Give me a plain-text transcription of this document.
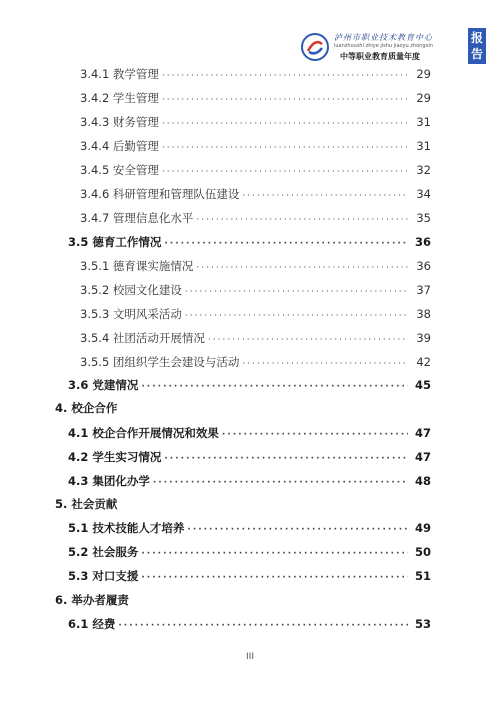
泸州市职业技术教育中心
luanzhoushi zhiye jishu jiaoyu zhongxin
中等职业教育质量年度
报告
3.4.1 教学管理 ·····	29
3.4.2 学生管理 ·····	29
3.4.3 财务管理 ·····	31
3.4.4 后勤管理 ·····	31
3.4.5 安全管理 ·····	32
3.4.6 科研管理和管理队伍建设 ·····	34
3.4.7 管理信息化水平 ·····	35
3.5 德育工作情况 ·····	36
3.5.1 德育课实施情况 ·····	36
3.5.2 校园文化建设 ·····	37
3.5.3 文明风采活动 ·····	38
3.5.4 社团活动开展情况 ·····	39
3.5.5 团组织学生会建设与活动 ·····	42
3.6 党建情况 ·····	45
4. 校企合作
4.1 校企合作开展情况和效果 ·····	47
4.2 学生实习情况 ·····	47
4.3 集团化办学 ·····	48
5. 社会贡献
5.1 技术技能人才培养 ·····	49
5.2 社会服务 ·····	50
5.3 对口支援 ·····	51
6. 举办者履责
6.1 经费 ·····	53
III
